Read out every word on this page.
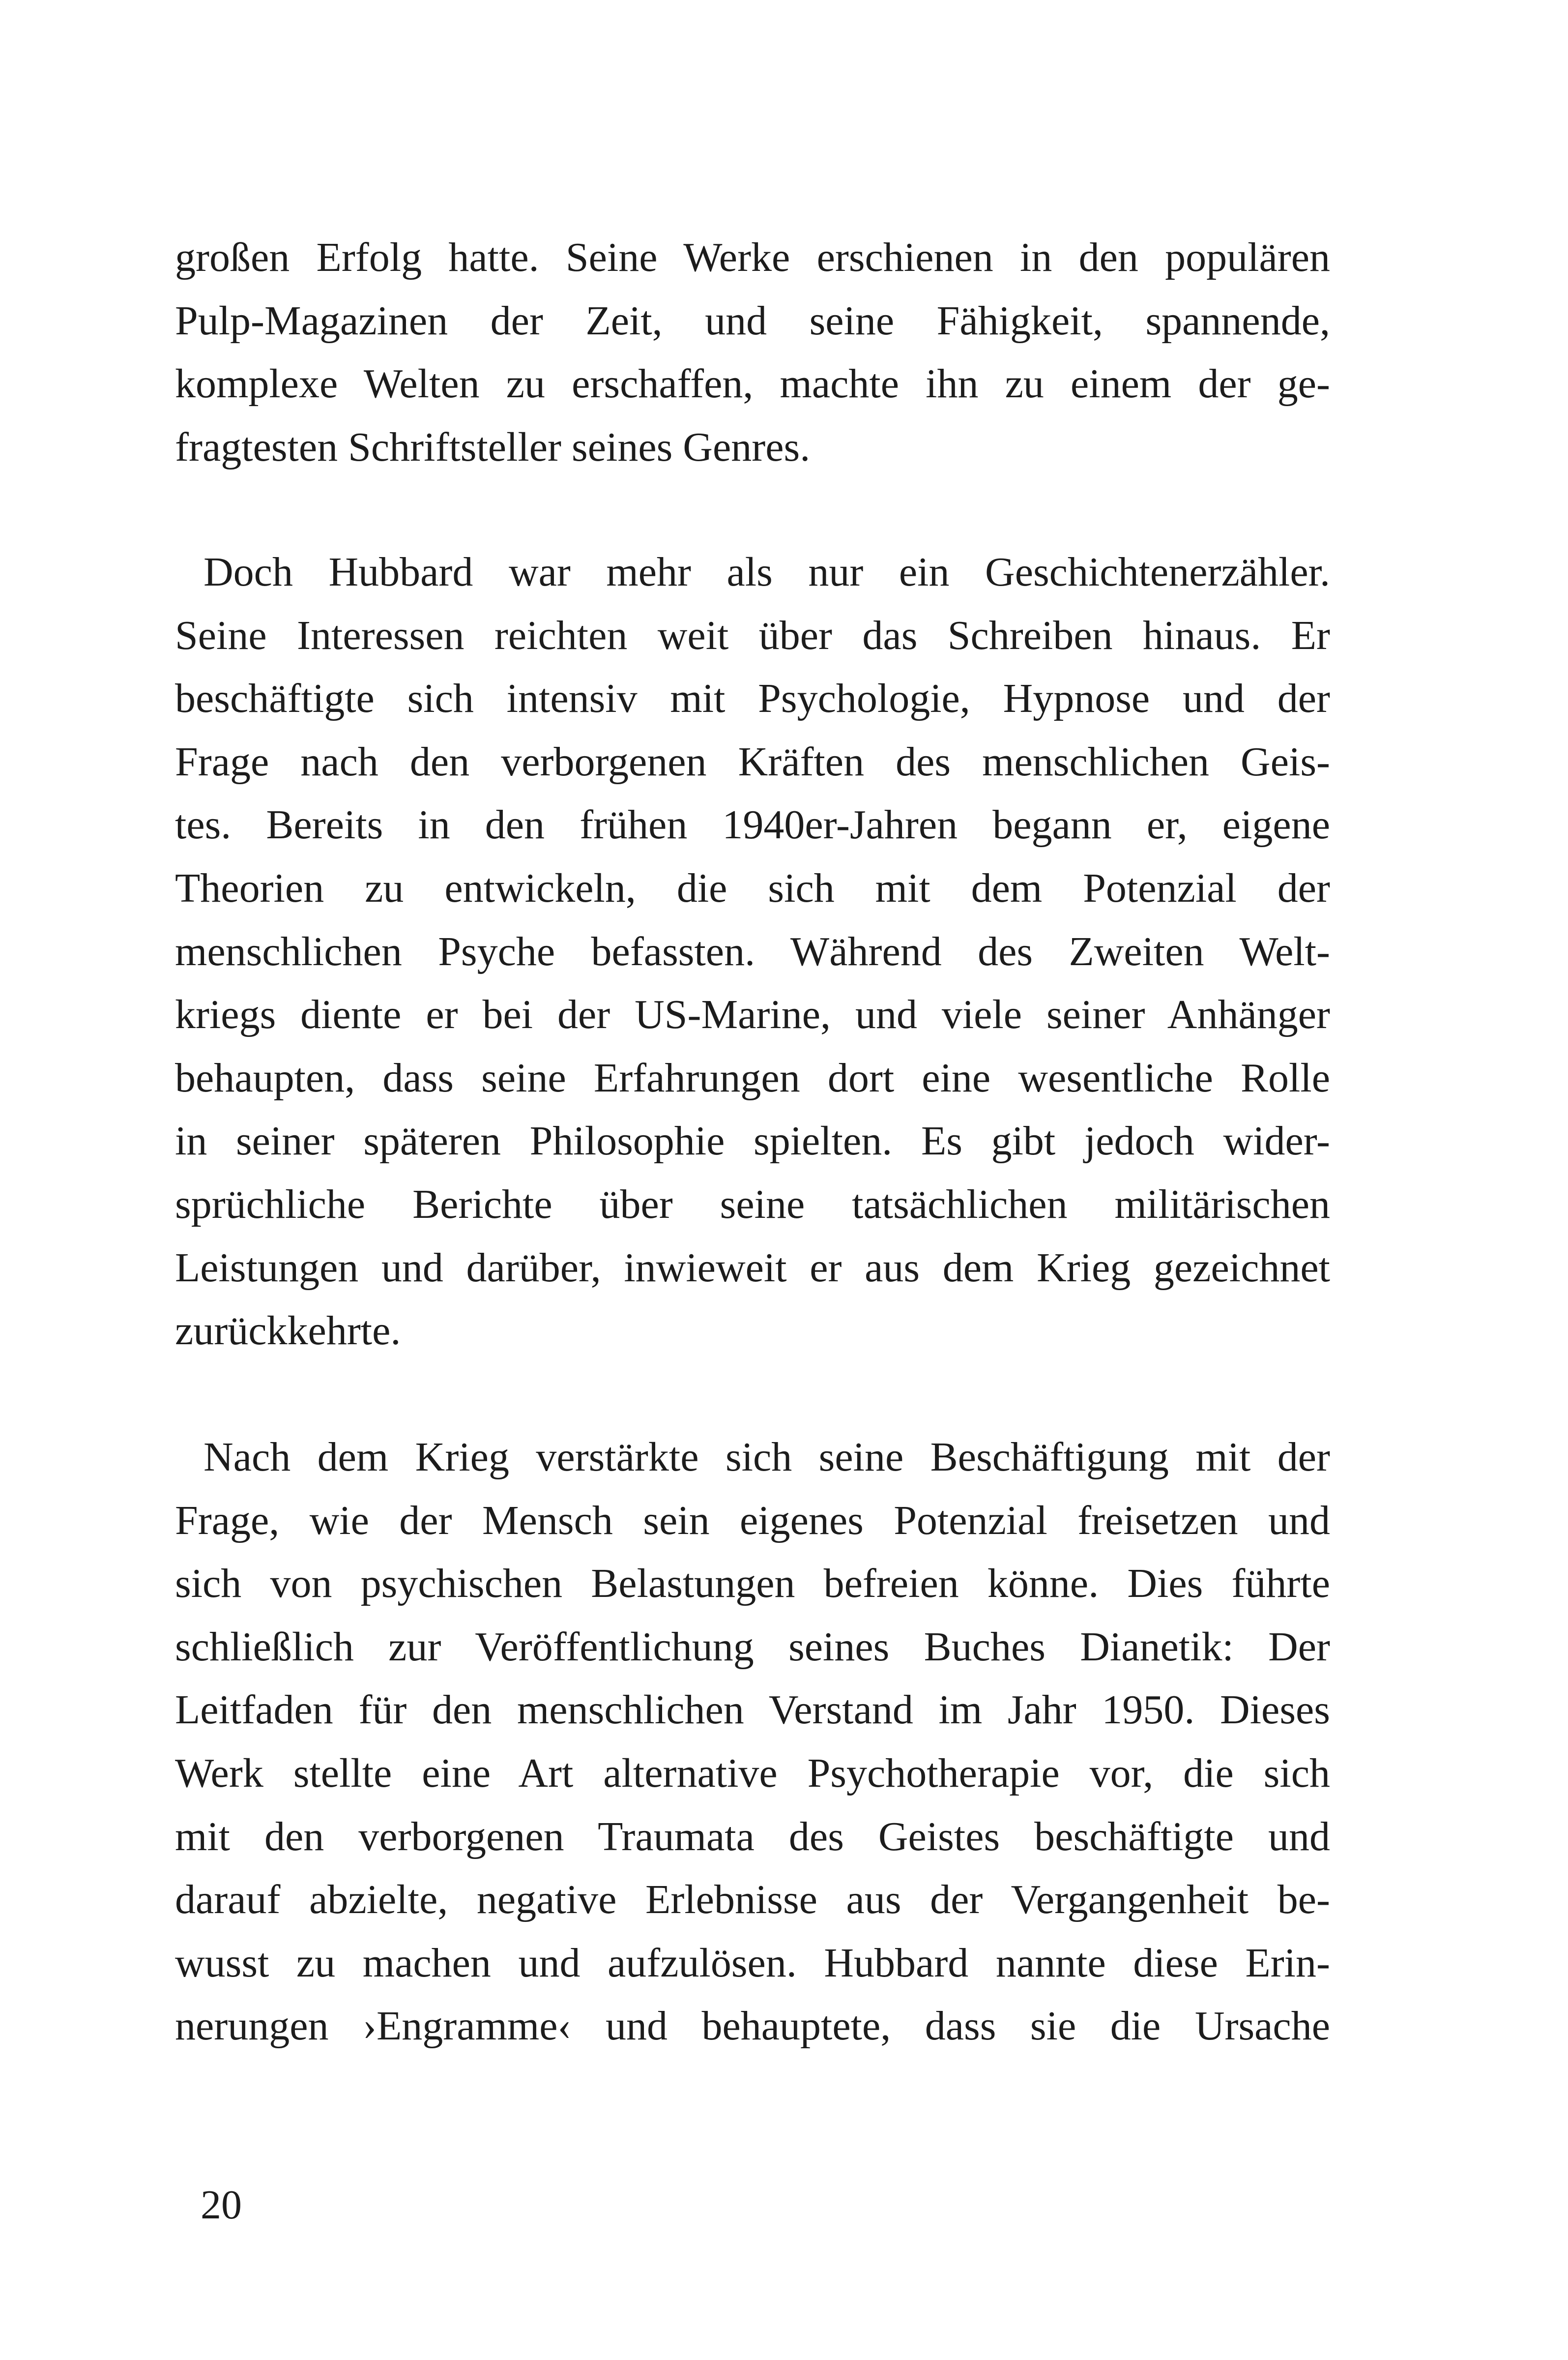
großen Erfolg hatte. Seine Werke erschienen in den populären
Pulp-Magazinen der Zeit, und seine Fähigkeit, spannende,
komplexe Welten zu erschaffen, machte ihn zu einem der ge-
fragtesten Schriftsteller seines Genres.
Doch Hubbard war mehr als nur ein Geschichtenerzähler.
Seine Interessen reichten weit über das Schreiben hinaus. Er
beschäftigte sich intensiv mit Psychologie, Hypnose und der
Frage nach den verborgenen Kräften des menschlichen Geis-
tes. Bereits in den frühen 1940er-Jahren begann er, eigene
Theorien zu entwickeln, die sich mit dem Potenzial der
menschlichen Psyche befassten. Während des Zweiten Welt-
kriegs diente er bei der US-Marine, und viele seiner Anhänger
behaupten, dass seine Erfahrungen dort eine wesentliche Rolle
in seiner späteren Philosophie spielten. Es gibt jedoch wider-
sprüchliche Berichte über seine tatsächlichen militärischen
Leistungen und darüber, inwieweit er aus dem Krieg gezeichnet
zurückkehrte.
Nach dem Krieg verstärkte sich seine Beschäftigung mit der
Frage, wie der Mensch sein eigenes Potenzial freisetzen und
sich von psychischen Belastungen befreien könne. Dies führte
schließlich zur Veröffentlichung seines Buches Dianetik: Der
Leitfaden für den menschlichen Verstand im Jahr 1950. Dieses
Werk stellte eine Art alternative Psychotherapie vor, die sich
mit den verborgenen Traumata des Geistes beschäftigte und
darauf abzielte, negative Erlebnisse aus der Vergangenheit be-
wusst zu machen und aufzulösen. Hubbard nannte diese Erin-
nerungen ›Engramme‹ und behauptete, dass sie die Ursache
20
